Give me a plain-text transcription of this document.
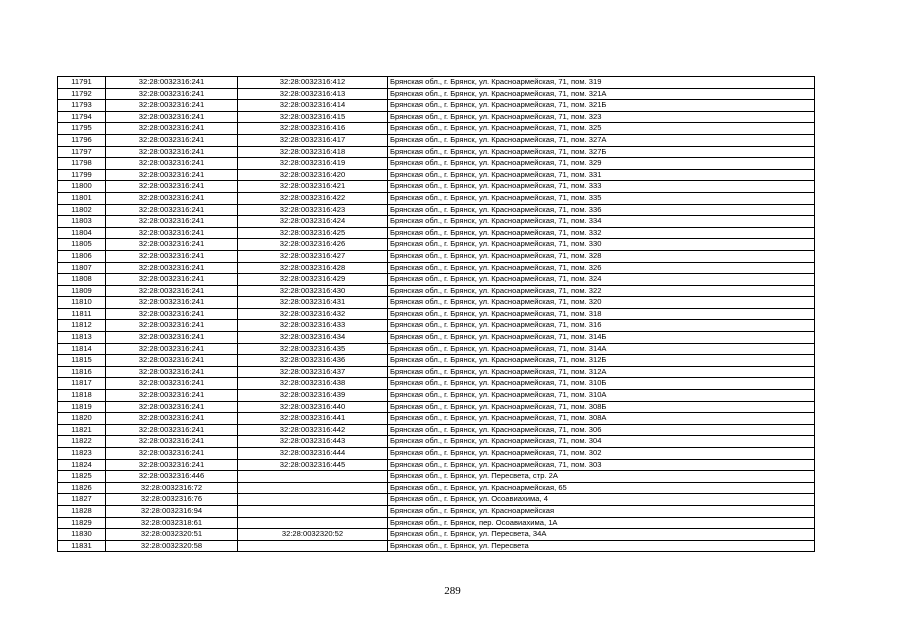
11791	32:28:0032316:241	32:28:0032316:412	Брянская обл., г. Брянск, ул. Красноармейская, 71, пом. 319
11792	32:28:0032316:241	32:28:0032316:413	Брянская обл., г. Брянск, ул. Красноармейская, 71, пом. 321А
11793	32:28:0032316:241	32:28:0032316:414	Брянская обл., г. Брянск, ул. Красноармейская, 71, пом. 321Б
11794	32:28:0032316:241	32:28:0032316:415	Брянская обл., г. Брянск, ул. Красноармейская, 71, пом. 323
11795	32:28:0032316:241	32:28:0032316:416	Брянская обл., г. Брянск, ул. Красноармейская, 71, пом. 325
11796	32:28:0032316:241	32:28:0032316:417	Брянская обл., г. Брянск, ул. Красноармейская, 71, пом. 327А
11797	32:28:0032316:241	32:28:0032316:418	Брянская обл., г. Брянск, ул. Красноармейская, 71, пом. 327Б
11798	32:28:0032316:241	32:28:0032316:419	Брянская обл., г. Брянск, ул. Красноармейская, 71, пом. 329
11799	32:28:0032316:241	32:28:0032316:420	Брянская обл., г. Брянск, ул. Красноармейская, 71, пом. 331
11800	32:28:0032316:241	32:28:0032316:421	Брянская обл., г. Брянск, ул. Красноармейская, 71, пом. 333
11801	32:28:0032316:241	32:28:0032316:422	Брянская обл., г. Брянск, ул. Красноармейская, 71, пом. 335
11802	32:28:0032316:241	32:28:0032316:423	Брянская обл., г. Брянск, ул. Красноармейская, 71, пом. 336
11803	32:28:0032316:241	32:28:0032316:424	Брянская обл., г. Брянск, ул. Красноармейская, 71, пом. 334
11804	32:28:0032316:241	32:28:0032316:425	Брянская обл., г. Брянск, ул. Красноармейская, 71, пом. 332
11805	32:28:0032316:241	32:28:0032316:426	Брянская обл., г. Брянск, ул. Красноармейская, 71, пом. 330
11806	32:28:0032316:241	32:28:0032316:427	Брянская обл., г. Брянск, ул. Красноармейская, 71, пом. 328
11807	32:28:0032316:241	32:28:0032316:428	Брянская обл., г. Брянск, ул. Красноармейская, 71, пом. 326
11808	32:28:0032316:241	32:28:0032316:429	Брянская обл., г. Брянск, ул. Красноармейская, 71, пом. 324
11809	32:28:0032316:241	32:28:0032316:430	Брянская обл., г. Брянск, ул. Красноармейская, 71, пом. 322
11810	32:28:0032316:241	32:28:0032316:431	Брянская обл., г. Брянск, ул. Красноармейская, 71, пом. 320
11811	32:28:0032316:241	32:28:0032316:432	Брянская обл., г. Брянск, ул. Красноармейская, 71, пом. 318
11812	32:28:0032316:241	32:28:0032316:433	Брянская обл., г. Брянск, ул. Красноармейская, 71, пом. 316
11813	32:28:0032316:241	32:28:0032316:434	Брянская обл., г. Брянск, ул. Красноармейская, 71, пом. 314Б
11814	32:28:0032316:241	32:28:0032316:435	Брянская обл., г. Брянск, ул. Красноармейская, 71, пом. 314А
11815	32:28:0032316:241	32:28:0032316:436	Брянская обл., г. Брянск, ул. Красноармейская, 71, пом. 312Б
11816	32:28:0032316:241	32:28:0032316:437	Брянская обл., г. Брянск, ул. Красноармейская, 71, пом. 312А
11817	32:28:0032316:241	32:28:0032316:438	Брянская обл., г. Брянск, ул. Красноармейская, 71, пом. 310Б
11818	32:28:0032316:241	32:28:0032316:439	Брянская обл., г. Брянск, ул. Красноармейская, 71, пом. 310А
11819	32:28:0032316:241	32:28:0032316:440	Брянская обл., г. Брянск, ул. Красноармейская, 71, пом. 308Б
11820	32:28:0032316:241	32:28:0032316:441	Брянская обл., г. Брянск, ул. Красноармейская, 71, пом. 308А
11821	32:28:0032316:241	32:28:0032316:442	Брянская обл., г. Брянск, ул. Красноармейская, 71, пом. 306
11822	32:28:0032316:241	32:28:0032316:443	Брянская обл., г. Брянск, ул. Красноармейская, 71, пом. 304
11823	32:28:0032316:241	32:28:0032316:444	Брянская обл., г. Брянск, ул. Красноармейская, 71, пом. 302
11824	32:28:0032316:241	32:28:0032316:445	Брянская обл., г. Брянск, ул. Красноармейская, 71, пом. 303
11825	32:28:0032316:446		Брянская обл., г. Брянск, ул. Пересвета, стр. 2А
11826	32:28:0032316:72		Брянская обл., г. Брянск, ул. Красноармейская, 65
11827	32:28:0032316:76		Брянская обл., г. Брянск, ул. Осоавиахима, 4
11828	32:28:0032316:94		Брянская обл., г. Брянск, ул. Красноармейская
11829	32:28:0032318:61		Брянская обл., г. Брянск, пер. Осоавиахима, 1А
11830	32:28:0032320:51	32:28:0032320:52	Брянская обл., г. Брянск, ул. Пересвета, 34А
11831	32:28:0032320:58		Брянская обл., г. Брянск, ул. Пересвета
289
